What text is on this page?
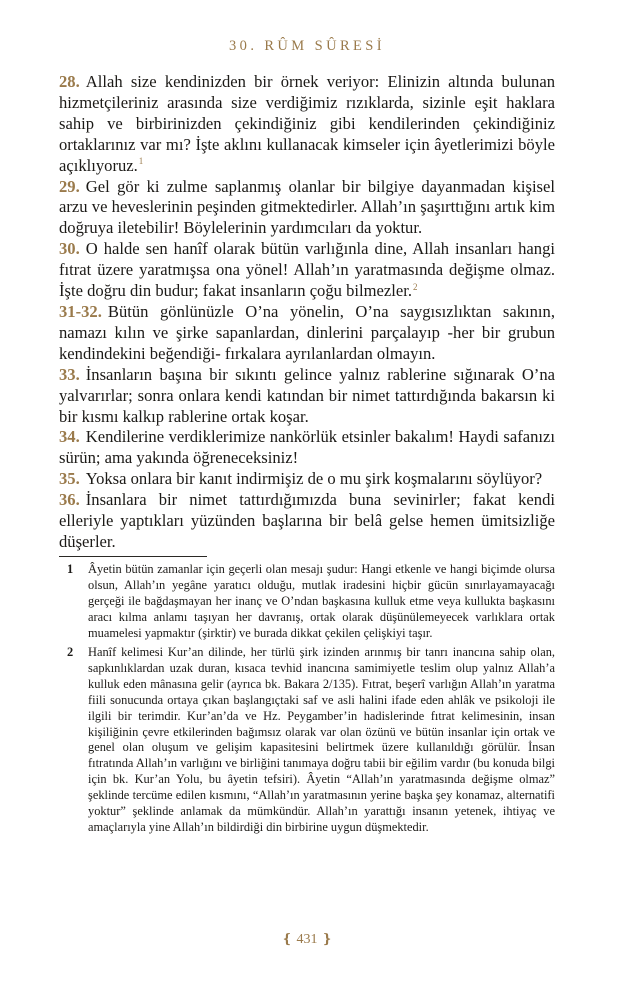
30. RÛM SÛRESİ

28. Allah size kendinizden bir örnek veriyor: Elinizin altında bulunan hizmetçileriniz arasında size verdiğimiz rızıklarda, sizinle eşit haklara sahip ve birbirinizden çekindiğiniz gibi kendilerinden çekindiğiniz ortaklarınız var mı? İşte aklını kullanacak kimseler için âyetlerimizi böyle açıklıyoruz.$^1$

29. Gel gör ki zulme saplanmış olanlar bir bilgiye dayanmadan kişisel arzu ve heveslerinin peşinden gitmektedirler. Allah’ın şaşırttığını artık kim doğruya iletebilir! Böylelerinin yardımcıları da yoktur.

30. O halde sen hanîf olarak bütün varlığınla dine, Allah insanları hangi fıtrat üzere yaratmışsa ona yönel! Allah’ın yaratmasında değişme olmaz. İşte doğru din budur; fakat insanların çoğu bilmezler.$^2$

31-32. Bütün gönlünüzle O’na yönelin, O’na saygısızlıktan sakının, namazı kılın ve şirke sapanlardan, dinlerini parçalayıp -her bir grubun kendindekini beğendiği- fırkalara ayrılanlardan olmayın.

33. İnsanların başına bir sıkıntı gelince yalnız rablerine sığınarak O’na yalvarırlar; sonra onlara kendi katından bir nimet tattırdığında bakarsın ki bir kısmı kalkıp rablerine ortak koşar.

34. Kendilerine verdiklerimize nankörlük etsinler bakalım! Haydi safanızı sürün; ama yakında öğreneceksiniz!

35. Yoksa onlara bir kanıt indirmişiz de o mu şirk koşmalarını söylüyor?

36. İnsanlara bir nimet tattırdığımızda buna sevinirler; fakat kendi elleriyle yaptıkları yüzünden başlarına bir belâ gelse hemen ümitsizliğe düşerler.

1 Âyetin bütün zamanlar için geçerli olan mesajı şudur: Hangi etkenle ve hangi biçimde olursa olsun, Allah’ın yegâne yaratıcı olduğu, mutlak iradesini hiçbir gücün sınırlayamayacağı gerçeği ile bağdaşmayan her inanç ve O’ndan başkasına kulluk etme veya kullukta başkasını aracı kılma anlamı taşıyan her davranış, ortak olarak düşünülemeyecek varlıklara ortak muamelesi yapmaktır (şirktir) ve burada dikkat çekilen çelişkiyi taşır.

2 Hanîf kelimesi Kur’an dilinde, her türlü şirk izinden arınmış bir tanrı inancına sahip olan, sapkınlıklardan uzak duran, kısaca tevhid inancına samimiyetle teslim olup yalnız Allah’a kulluk eden mânasına gelir (ayrıca bk. Bakara 2/135). Fıtrat, beşerî varlığın Allah’ın yaratma fiili sonucunda ortaya çıkan başlangıçtaki saf ve asli halini ifade eden ahlâk ve psikoloji ile ilgili bir terimdir. Kur’an’da ve Hz. Peygamber’in hadislerinde fıtrat kelimesinin, insan kişiliğinin çevre etkilerinden bağımsız olarak var olan özünü ve bütün insanlar için ortak ve genel olan oluşum ve gelişim kapasitesini belirtmek üzere kullanıldığı görülür. İnsan fıtratında Allah’ın varlığını ve birliğini tanımaya doğru tabii bir eğilim vardır (bu konuda bilgi için bk. Kur’an Yolu, bu âyetin tefsiri). Âyetin “Allah’ın yaratmasında değişme olmaz” şeklinde tercüme edilen kısmını, “Allah’ın yaratmasının yerine başka şey konamaz, alternatifi yoktur” şeklinde anlamak da mümkündür. Allah’ın yarattığı insanın yetenek, ihtiyaç ve amaçlarıyla yine Allah’ın bildirdiği din birbirine uygun düşmektedir.

❴ 431 ❵
